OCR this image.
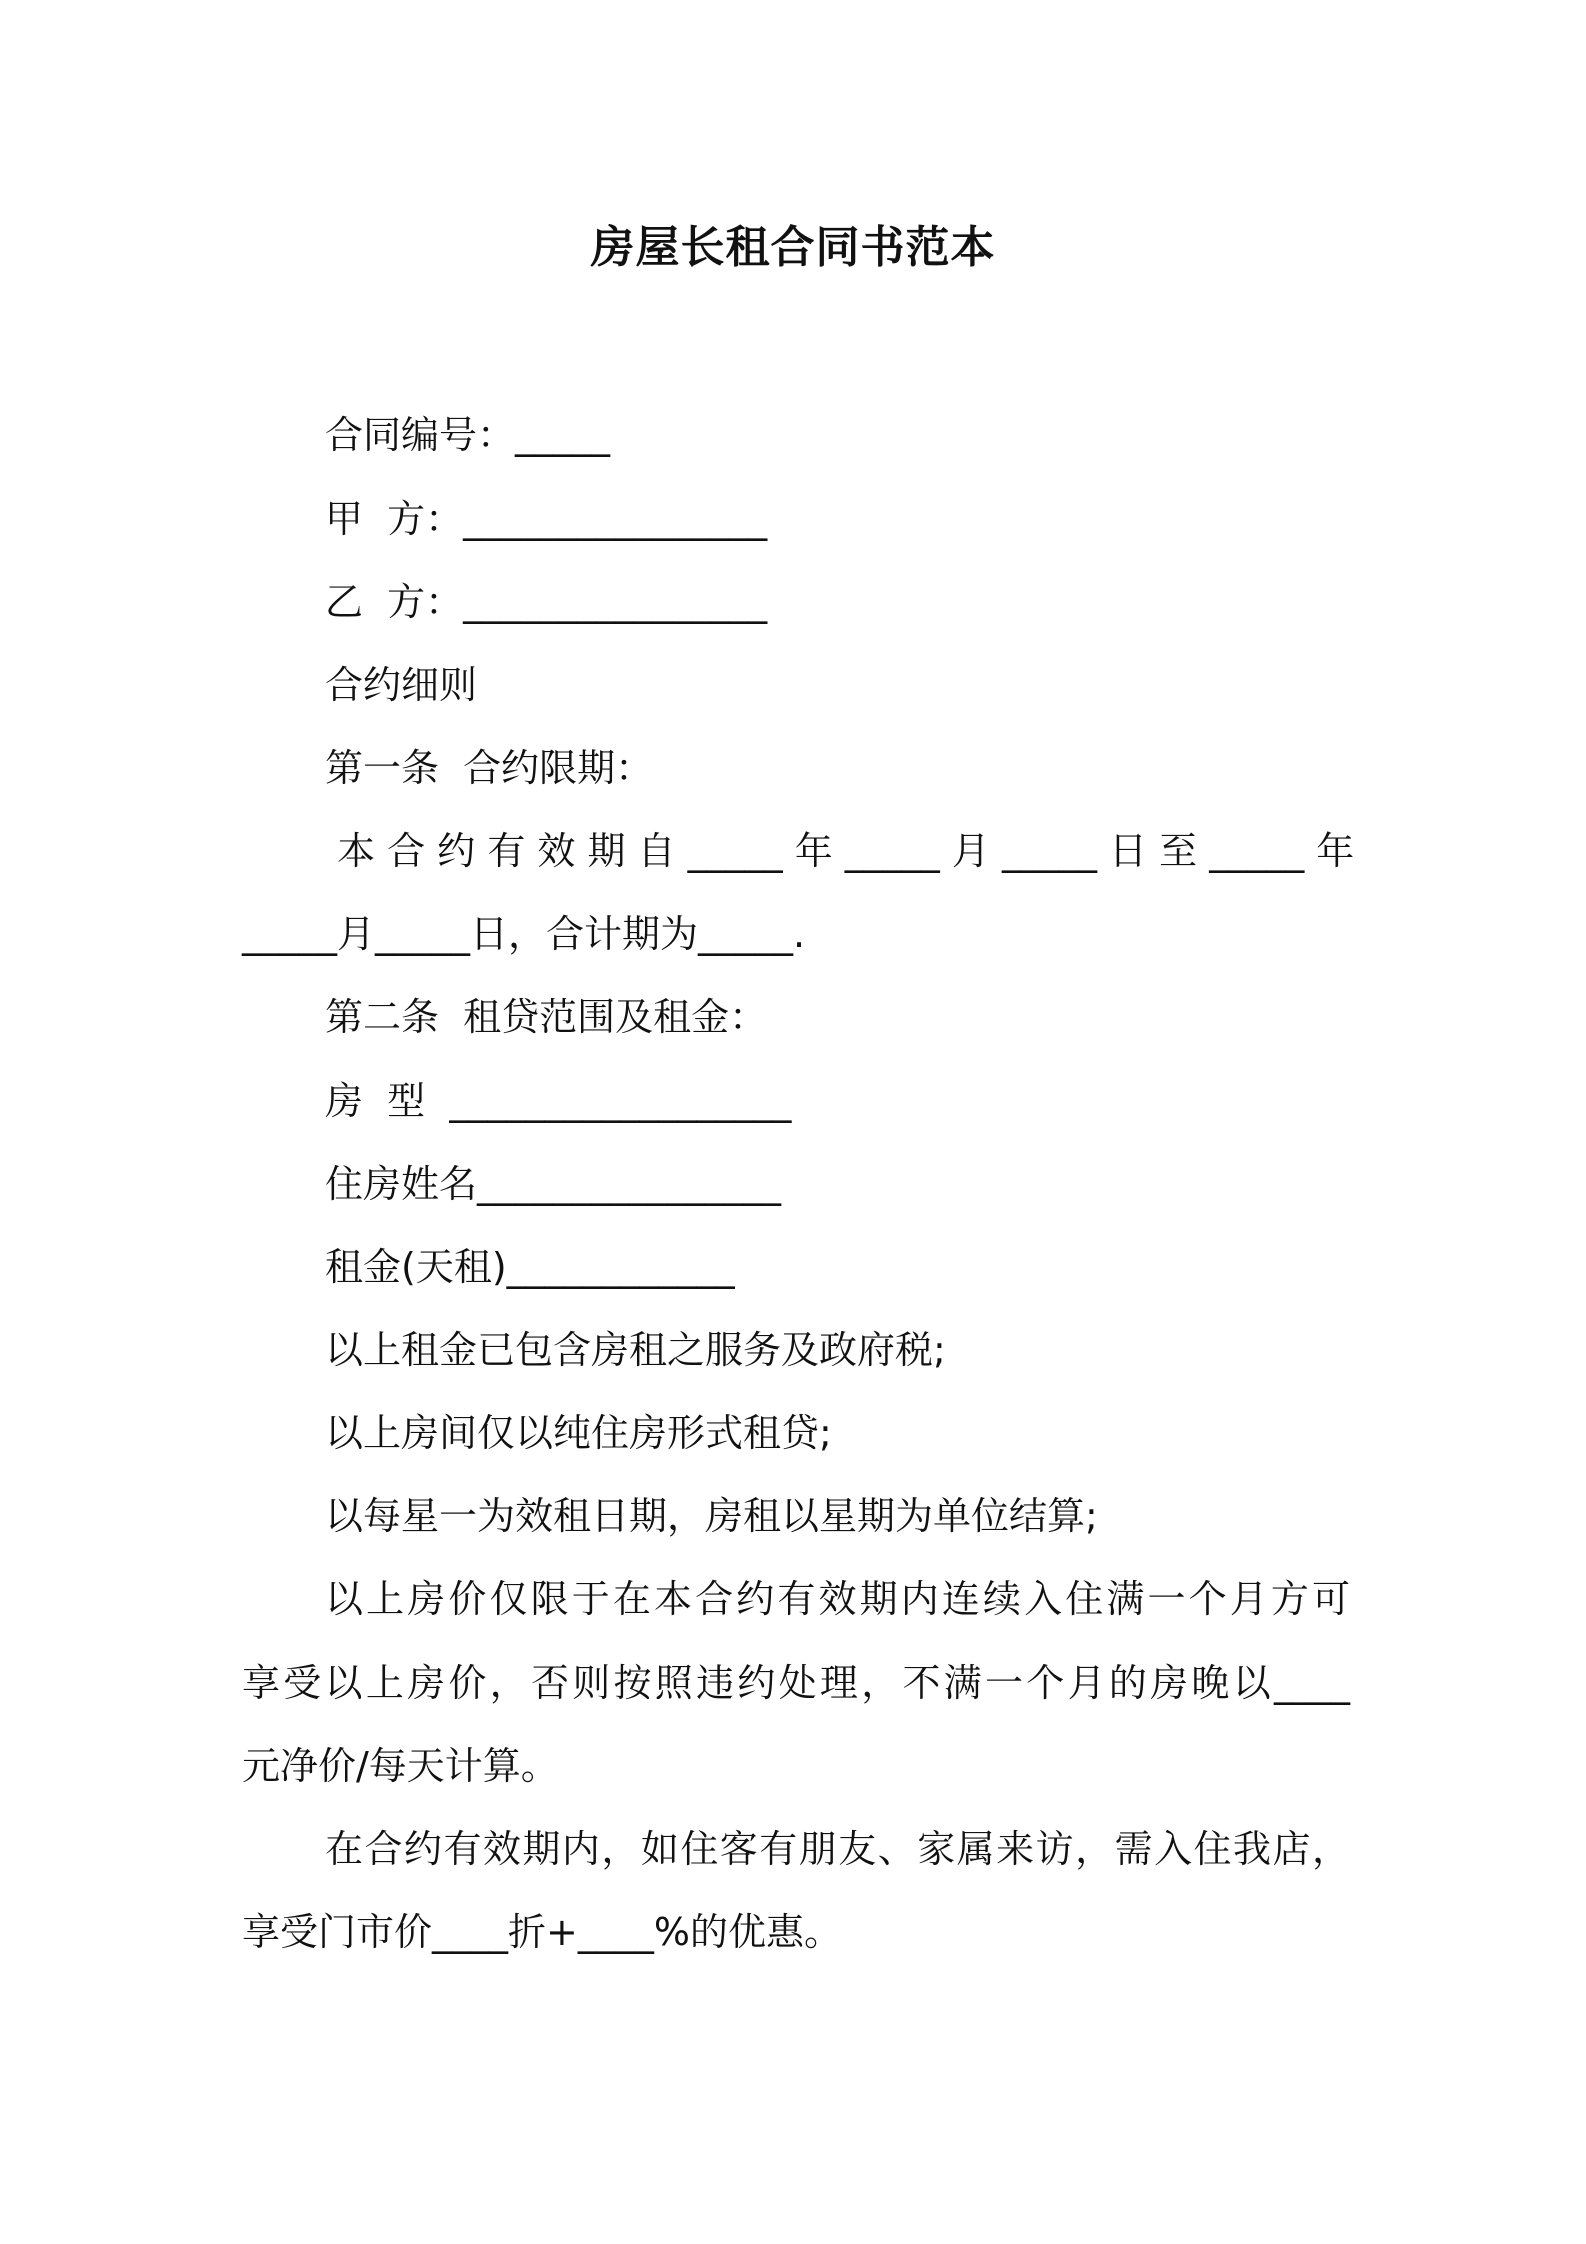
房屋长租合同书范本
合同编号：_____
甲  方：________________
乙  方：________________
合约细则
第一条  合约限期：
本 合 约 有 效 期 自 _____ 年 _____ 月 _____ 日 至 _____ 年
_____月_____日，合计期为_____.
第二条  租贷范围及租金：
房  型  __________________
住房姓名________________
租金(天租)____________
以上租金已包含房租之服务及政府税;
以上房间仅以纯住房形式租贷;
以每星一为效租日期，房租以星期为单位结算;
以上房价仅限于在本合约有效期内连续入住满一个月方可
享受以上房价，否则按照违约处理，不满一个月的房晚以____
元净价/每天计算。
在合约有效期内，如住客有朋友、家属来访，需入住我店，
享受门市价____折+____%的优惠。
